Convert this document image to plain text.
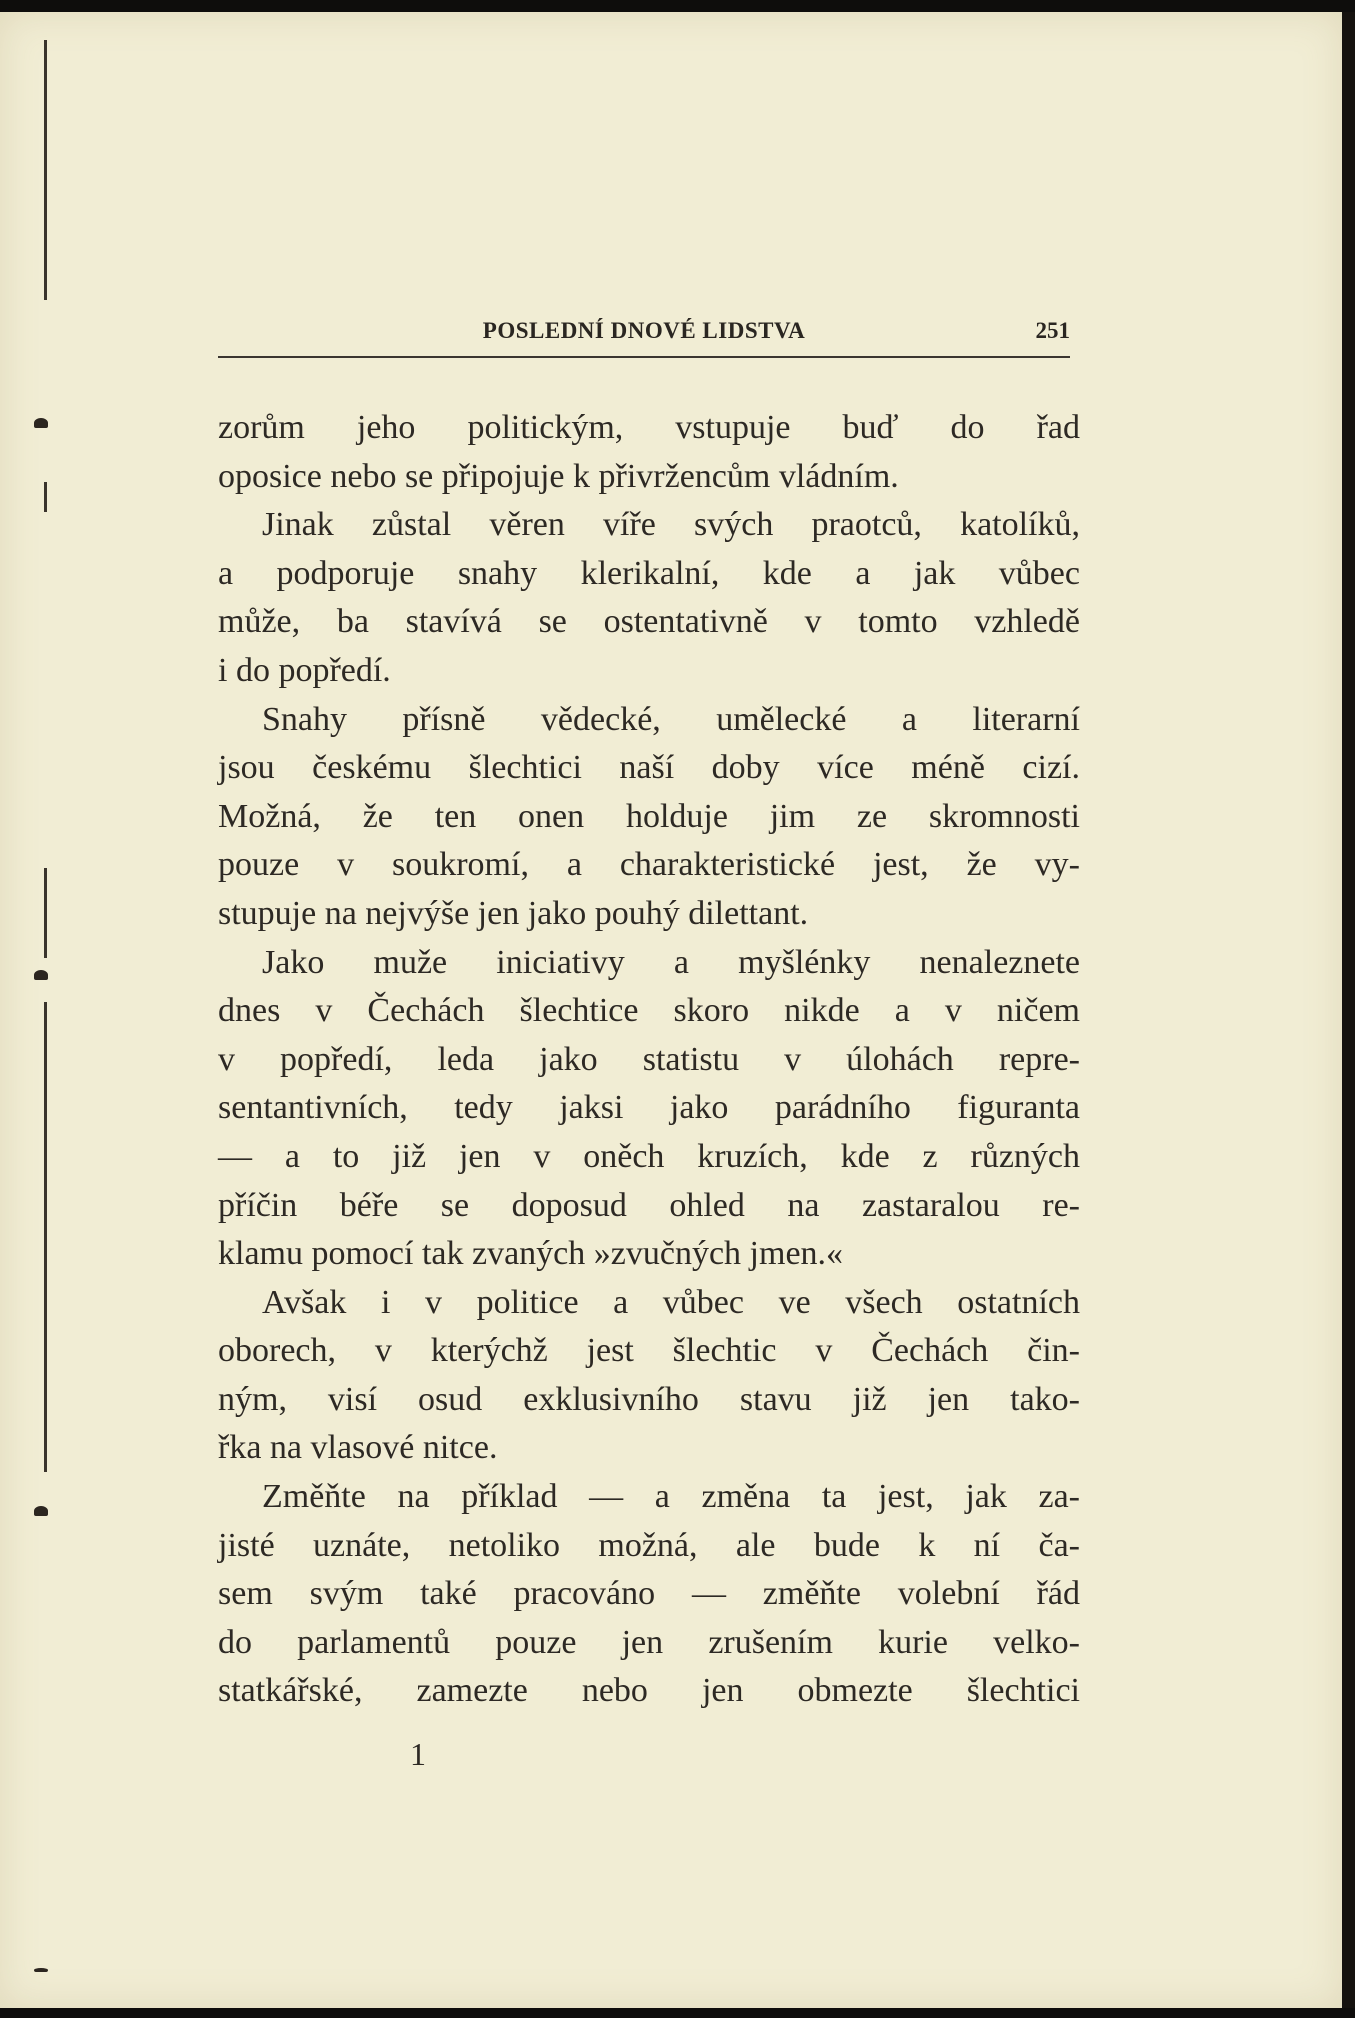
POSLEDNÍ DNOVÉ LIDSTVA	251
zorům jeho politickým, vstupuje buď do řad
oposice nebo se připojuje k přivržencům vládním.
Jinak zůstal věren víře svých praotců, katolíků,
a podporuje snahy klerikalní, kde a jak vůbec
může, ba stavívá se ostentativně v tomto vzhledě
i do popředí.
Snahy přísně vědecké, umělecké a literarní
jsou českému šlechtici naší doby více méně cizí.
Možná, že ten onen holduje jim ze skromnosti
pouze v soukromí, a charakteristické jest, že vy-
stupuje na nejvýše jen jako pouhý dilettant.
Jako muže iniciativy a myšlénky nenaleznete
dnes v Čechách šlechtice skoro nikde a v ničem
v popředí, leda jako statistu v úlohách repre-
sentantivních, tedy jaksi jako parádního figuranta
— a to již jen v oněch kruzích, kde z různých
příčin béře se doposud ohled na zastaralou re-
klamu pomocí tak zvaných »zvučných jmen.«
Avšak i v politice a vůbec ve všech ostatních
oborech, v kterýchž jest šlechtic v Čechách čin-
ným, visí osud exklusivního stavu již jen tako-
řka na vlasové nitce.
Změňte na příklad — a změna ta jest, jak za-
jisté uznáte, netoliko možná, ale bude k ní ča-
sem svým také pracováno — změňte volební řád
do parlamentů pouze jen zrušením kurie velko-
statkářské, zamezte nebo jen obmezte šlechtici
1
